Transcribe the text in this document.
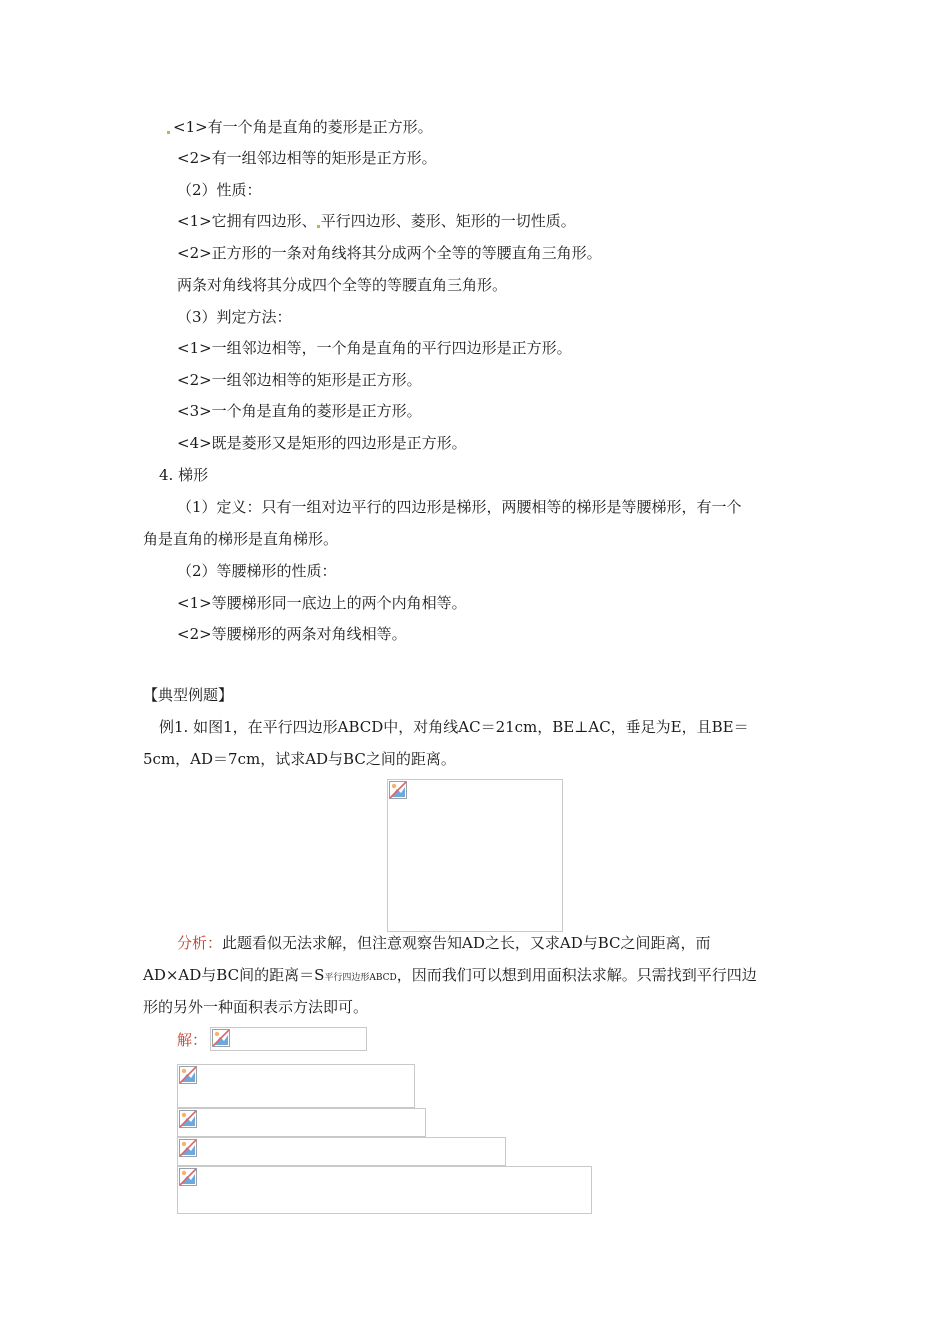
<1>有一个角是直角的菱形是正方形。
<2>有一组邻边相等的矩形是正方形。
（2）性质：
<1>它拥有四边形、 平行四边形、菱形、矩形的一切性质。
<2>正方形的一条对角线将其分成两个全等的等腰直角三角形。
两条对角线将其分成四个全等的等腰直角三角形。
（3）判定方法：
<1>一组邻边相等，一个角是直角的平行四边形是正方形。
<2>一组邻边相等的矩形是正方形。
<3>一个角是直角的菱形是正方形。
<4>既是菱形又是矩形的四边形是正方形。
4. 梯形
（1）定义：只有一组对边平行的四边形是梯形，两腰相等的梯形是等腰梯形，有一个
角是直角的梯形是直角梯形。
（2）等腰梯形的性质：
<1>等腰梯形同一底边上的两个内角相等。
<2>等腰梯形的两条对角线相等。
【典型例题】
例1. 如图1，在平行四边形ABCD中，对角线AC＝21cm，BE⊥AC，垂足为E，且BE＝
5cm，AD＝7cm，试求AD与BC之间的距离。
分析：此题看似无法求解，但注意观察告知AD之长，又求AD与BC之间距离，而
AD×AD与BC间的距离＝S平行四边形ABCD，因而我们可以想到用面积法求解。只需找到平行四边
形的另外一种面积表示方法即可。
解：
